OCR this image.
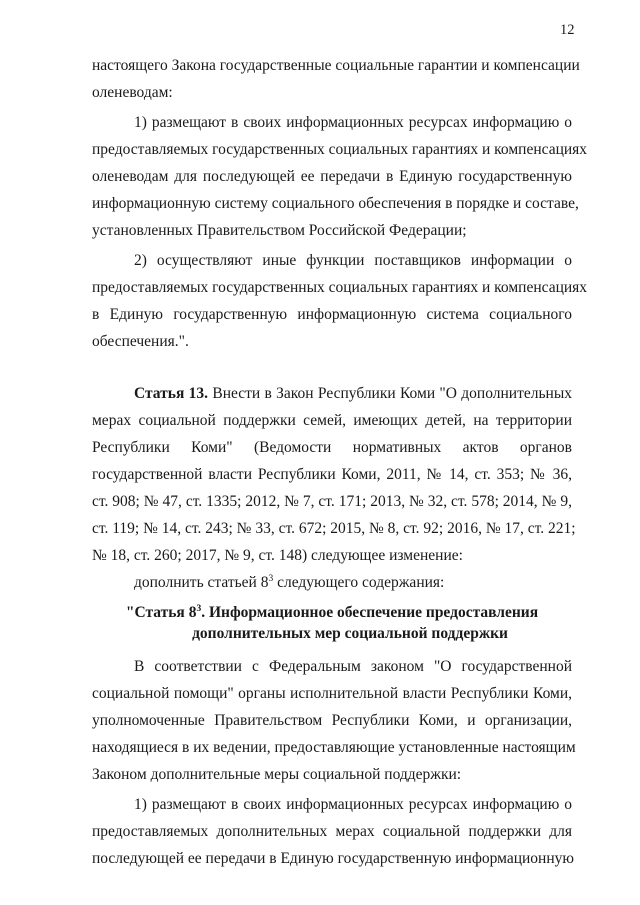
12
настоящего Закона государственные социальные гарантии и компенсации
оленеводам:
1) размещают в своих информационных ресурсах информацию о
предоставляемых государственных социальных гарантиях и компенсациях
оленеводам для последующей ее передачи в Единую государственную
информационную систему социального обеспечения в порядке и составе,
установленных Правительством Российской Федерации;
2) осуществляют иные функции поставщиков информации о
предоставляемых государственных социальных гарантиях и компенсациях
в Единую государственную информационную система социального
обеспечения.".
Статья 13. Внести в Закон Республики Коми "О дополнительных
мерах социальной поддержки семей, имеющих детей, на территории
Республики Коми" (Ведомости нормативных актов органов
государственной власти Республики Коми, 2011, № 14, ст. 353; № 36,
ст. 908; № 47, ст. 1335; 2012, № 7, ст. 171; 2013, № 32, ст. 578; 2014, № 9,
ст. 119; № 14, ст. 243; № 33, ст. 672; 2015, № 8, ст. 92; 2016, № 17, ст. 221;
№ 18, ст. 260; 2017, № 9, ст. 148) следующее изменение:
дополнить статьей $8^3$ следующего содержания:
"Статья $8^3$. Информационное обеспечение предоставления
дополнительных мер социальной поддержки
В соответствии с Федеральным законом "О государственной
социальной помощи" органы исполнительной власти Республики Коми,
уполномоченные Правительством Республики Коми, и организации,
находящиеся в их ведении, предоставляющие установленные настоящим
Законом дополнительные меры социальной поддержки:
1) размещают в своих информационных ресурсах информацию о
предоставляемых дополнительных мерах социальной поддержки для
последующей ее передачи в Единую государственную информационную
